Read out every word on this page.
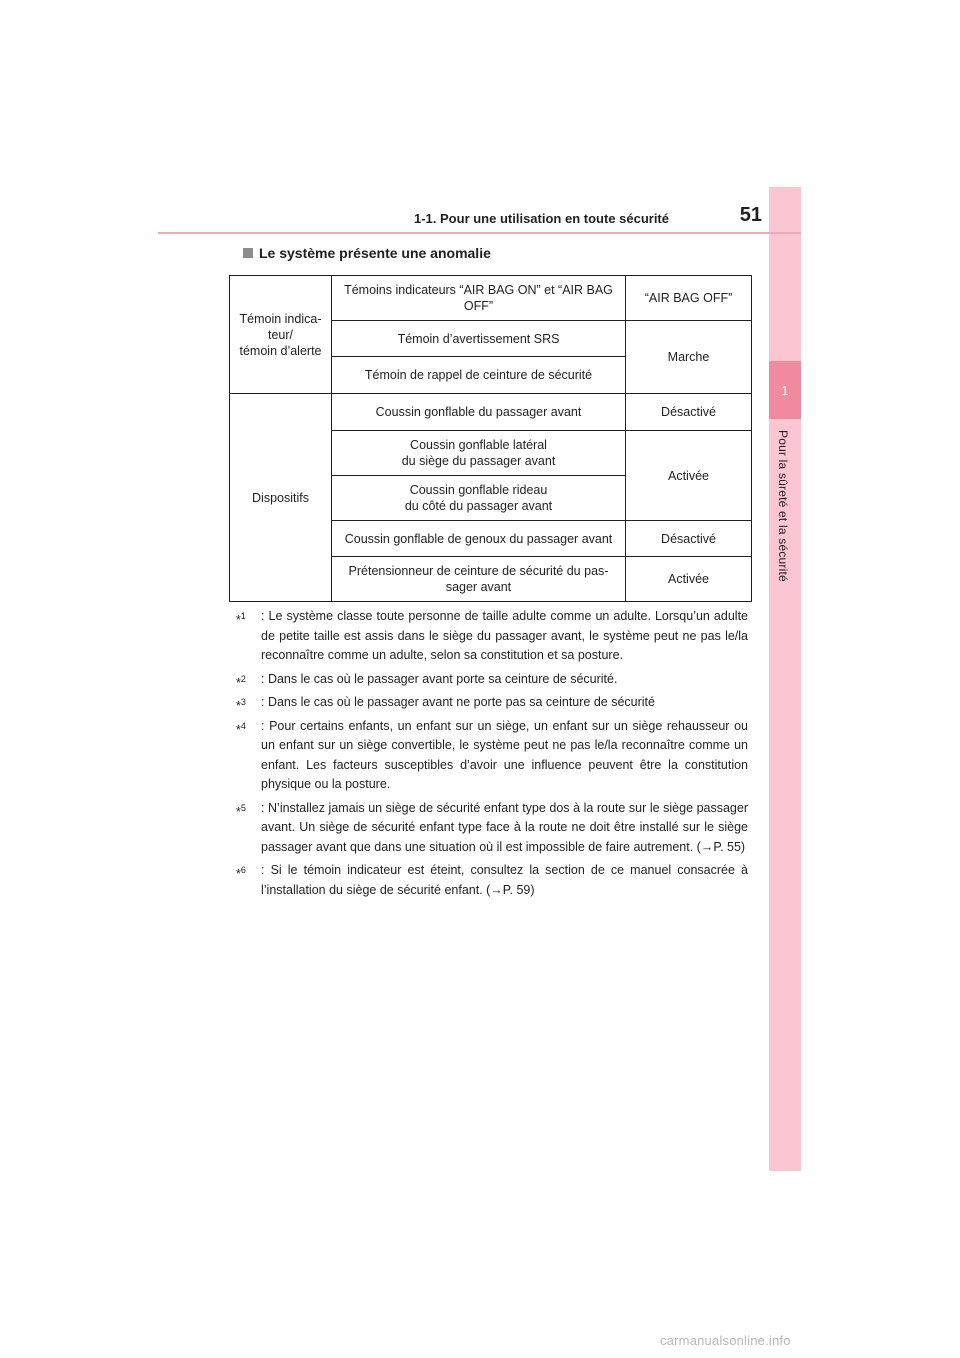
1
Pour la sûreté et la sécurité
1-1. Pour une utilisation en toute sécurité	51
Le système présente une anomalie
Témoin indica-
teur/
témoin d’alerte	Témoins indicateurs “AIR BAG ON” et “AIR BAG OFF”	“AIR BAG OFF”
	Témoin d’avertissement SRS	Marche
	Témoin de rappel de ceinture de sécurité	
Dispositifs	Coussin gonflable du passager avant	Désactivé
	Coussin gonflable latéral
du siège du passager avant	Activée
	Coussin gonflable rideau
du côté du passager avant	
	Coussin gonflable de genoux du passager avant	Désactivé
	Prétensionneur de ceinture de sécurité du pas-
sager avant	Activée
*$^1$ : Le système classe toute personne de taille adulte comme un adulte. Lorsqu’un adulte de petite taille est assis dans le siège du passager avant, le système peut ne pas le/la reconnaître comme un adulte, selon sa constitution et sa posture.
*$^2$ : Dans le cas où le passager avant porte sa ceinture de sécurité.
*$^3$ : Dans le cas où le passager avant ne porte pas sa ceinture de sécurité
*$^4$ : Pour certains enfants, un enfant sur un siège, un enfant sur un siège rehausseur ou un enfant sur un siège convertible, le système peut ne pas le/la reconnaître comme un enfant. Les facteurs susceptibles d’avoir une influence peuvent être la constitution physique ou la posture.
*$^5$ : N’installez jamais un siège de sécurité enfant type dos à la route sur le siège passager avant. Un siège de sécurité enfant type face à la route ne doit être installé sur le siège passager avant que dans une situation où il est impossible de faire autrement. (→P. 55)
*$^6$ : Si le témoin indicateur est éteint, consultez la section de ce manuel consacrée à l’installation du siège de sécurité enfant. (→P. 59)
carmanualsonline.info
